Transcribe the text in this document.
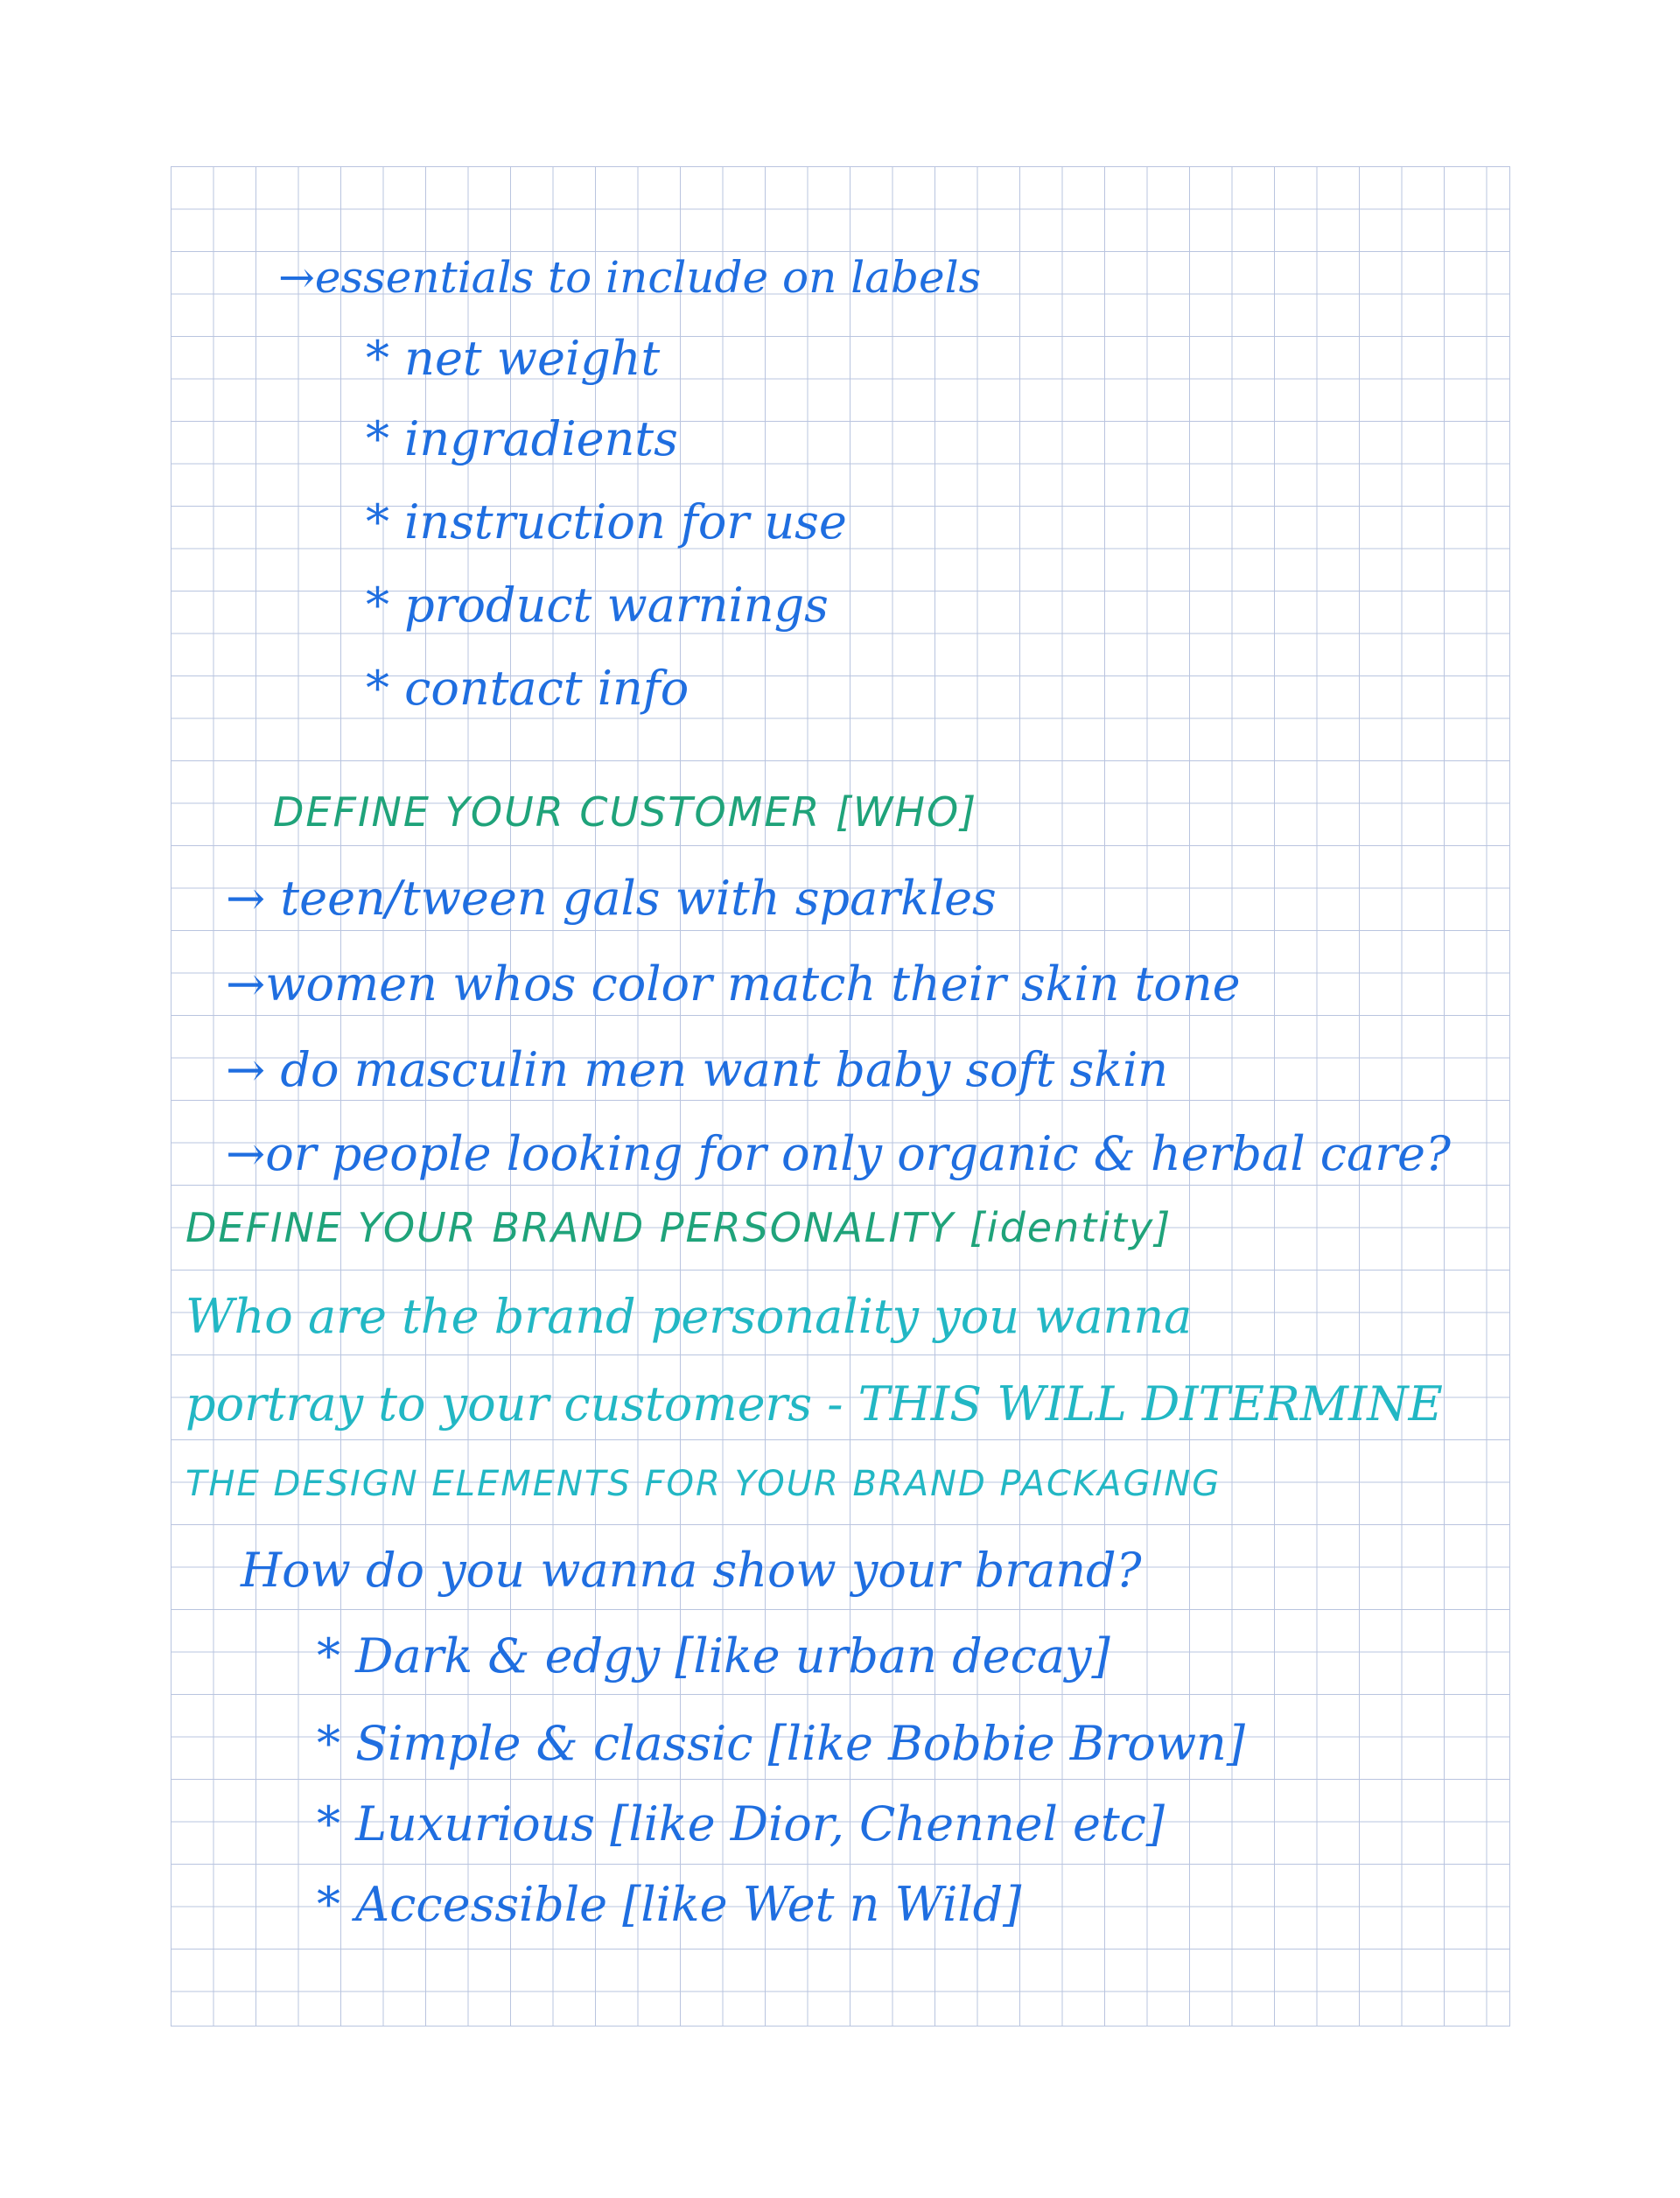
→essentials to include on labels
* net weight
* ingradients
* instruction for use
* product warnings
* contact info
DEFINE YOUR CUSTOMER [WHO]
→ teen/tween gals with sparkles
→women whos color match their skin tone
→ do masculin men want baby soft skin
→or people looking for only organic & herbal care?
DEFINE YOUR BRAND PERSONALITY [identity]
Who are the brand personality you wanna
portray to your customers - THIS WILL DITERMINE
THE DESIGN ELEMENTS FOR YOUR BRAND PACKAGING
How do you wanna show your brand?
* Dark & edgy [like urban decay]
* Simple & classic [like Bobbie Brown]
* Luxurious [like Dior, Chennel etc]
* Accessible [like Wet n Wild]
